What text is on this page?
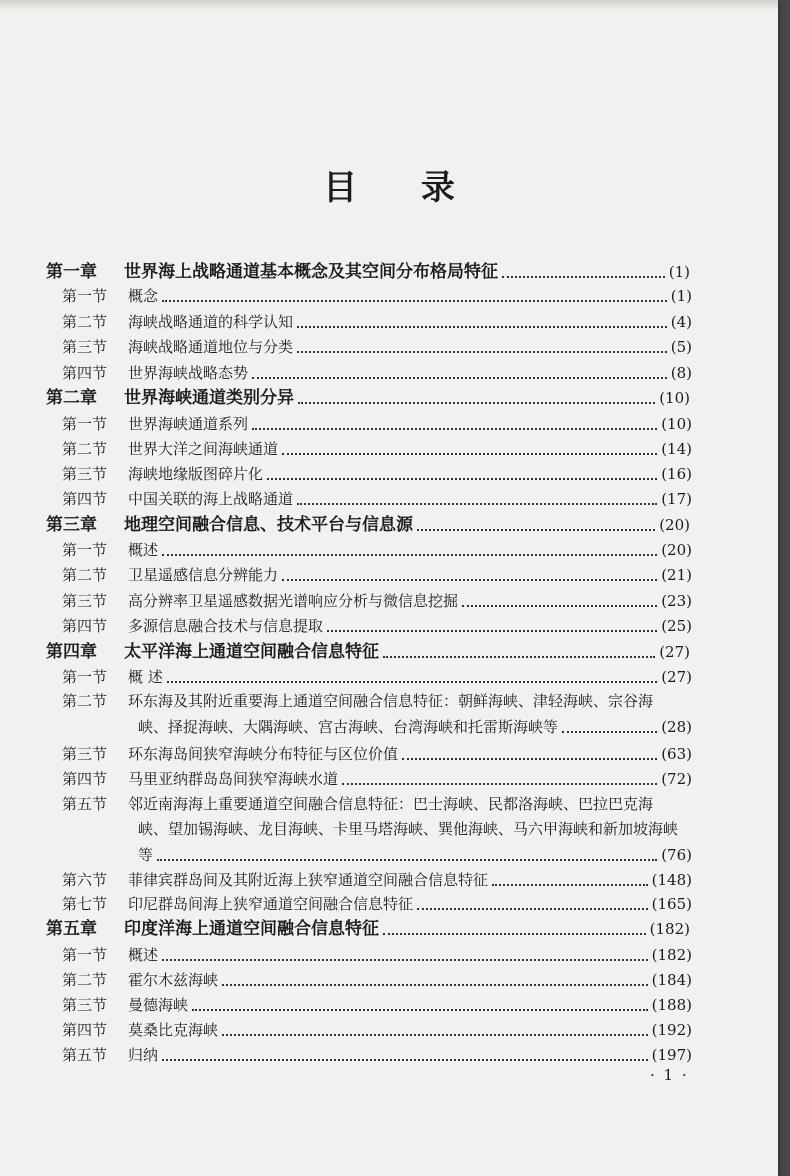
目 录
第一章	世界海上战略通道基本概念及其空间分布格局特征	(1)
第一节	概念	(1)
第二节	海峡战略通道的科学认知	(4)
第三节	海峡战略通道地位与分类	(5)
第四节	世界海峡战略态势	(8)
第二章	世界海峡通道类别分异	(10)
第一节	世界海峡通道系列	(10)
第二节	世界大洋之间海峡通道	(14)
第三节	海峡地缘版图碎片化	(16)
第四节	中国关联的海上战略通道	(17)
第三章	地理空间融合信息、技术平台与信息源	(20)
第一节	概述	(20)
第二节	卫星遥感信息分辨能力	(21)
第三节	高分辨率卫星遥感数据光谱响应分析与微信息挖掘	(23)
第四节	多源信息融合技术与信息提取	(25)
第四章	太平洋海上通道空间融合信息特征	(27)
第一节	概 述	(27)
第二节	环东海及其附近重要海上通道空间融合信息特征：朝鲜海峡、津轻海峡、宗谷海
峡、择捉海峡、大隅海峡、宫古海峡、台湾海峡和托雷斯海峡等	(28)
第三节	环东海岛间狭窄海峡分布特征与区位价值	(63)
第四节	马里亚纳群岛岛间狭窄海峡水道	(72)
第五节	邻近南海海上重要通道空间融合信息特征：巴士海峡、民都洛海峡、巴拉巴克海
峡、望加锡海峡、龙目海峡、卡里马塔海峡、巽他海峡、马六甲海峡和新加坡海峡
等	(76)
第六节	菲律宾群岛间及其附近海上狭窄通道空间融合信息特征	(148)
第七节	印尼群岛间海上狭窄通道空间融合信息特征	(165)
第五章	印度洋海上通道空间融合信息特征	(182)
第一节	概述	(182)
第二节	霍尔木兹海峡	(184)
第三节	曼德海峡	(188)
第四节	莫桑比克海峡	(192)
第五节	归纳	(197)
· 1 ·
